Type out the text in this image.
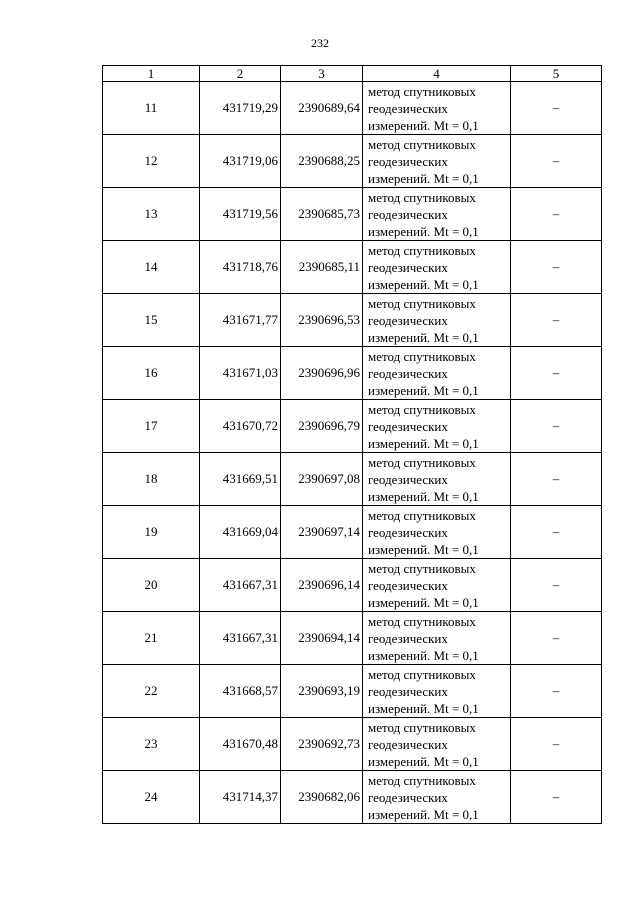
232
1	2	3	4	5
11	431719,29	2390689,64	метод спутниковых
геодезических
измерений. Mt = 0,1	–
12	431719,06	2390688,25	метод спутниковых
геодезических
измерений. Mt = 0,1	–
13	431719,56	2390685,73	метод спутниковых
геодезических
измерений. Mt = 0,1	–
14	431718,76	2390685,11	метод спутниковых
геодезических
измерений. Mt = 0,1	–
15	431671,77	2390696,53	метод спутниковых
геодезических
измерений. Mt = 0,1	–
16	431671,03	2390696,96	метод спутниковых
геодезических
измерений. Mt = 0,1	–
17	431670,72	2390696,79	метод спутниковых
геодезических
измерений. Mt = 0,1	–
18	431669,51	2390697,08	метод спутниковых
геодезических
измерений. Mt = 0,1	–
19	431669,04	2390697,14	метод спутниковых
геодезических
измерений. Mt = 0,1	–
20	431667,31	2390696,14	метод спутниковых
геодезических
измерений. Mt = 0,1	–
21	431667,31	2390694,14	метод спутниковых
геодезических
измерений. Mt = 0,1	–
22	431668,57	2390693,19	метод спутниковых
геодезических
измерений. Mt = 0,1	–
23	431670,48	2390692,73	метод спутниковых
геодезических
измерений. Mt = 0,1	–
24	431714,37	2390682,06	метод спутниковых
геодезических
измерений. Mt = 0,1	–
